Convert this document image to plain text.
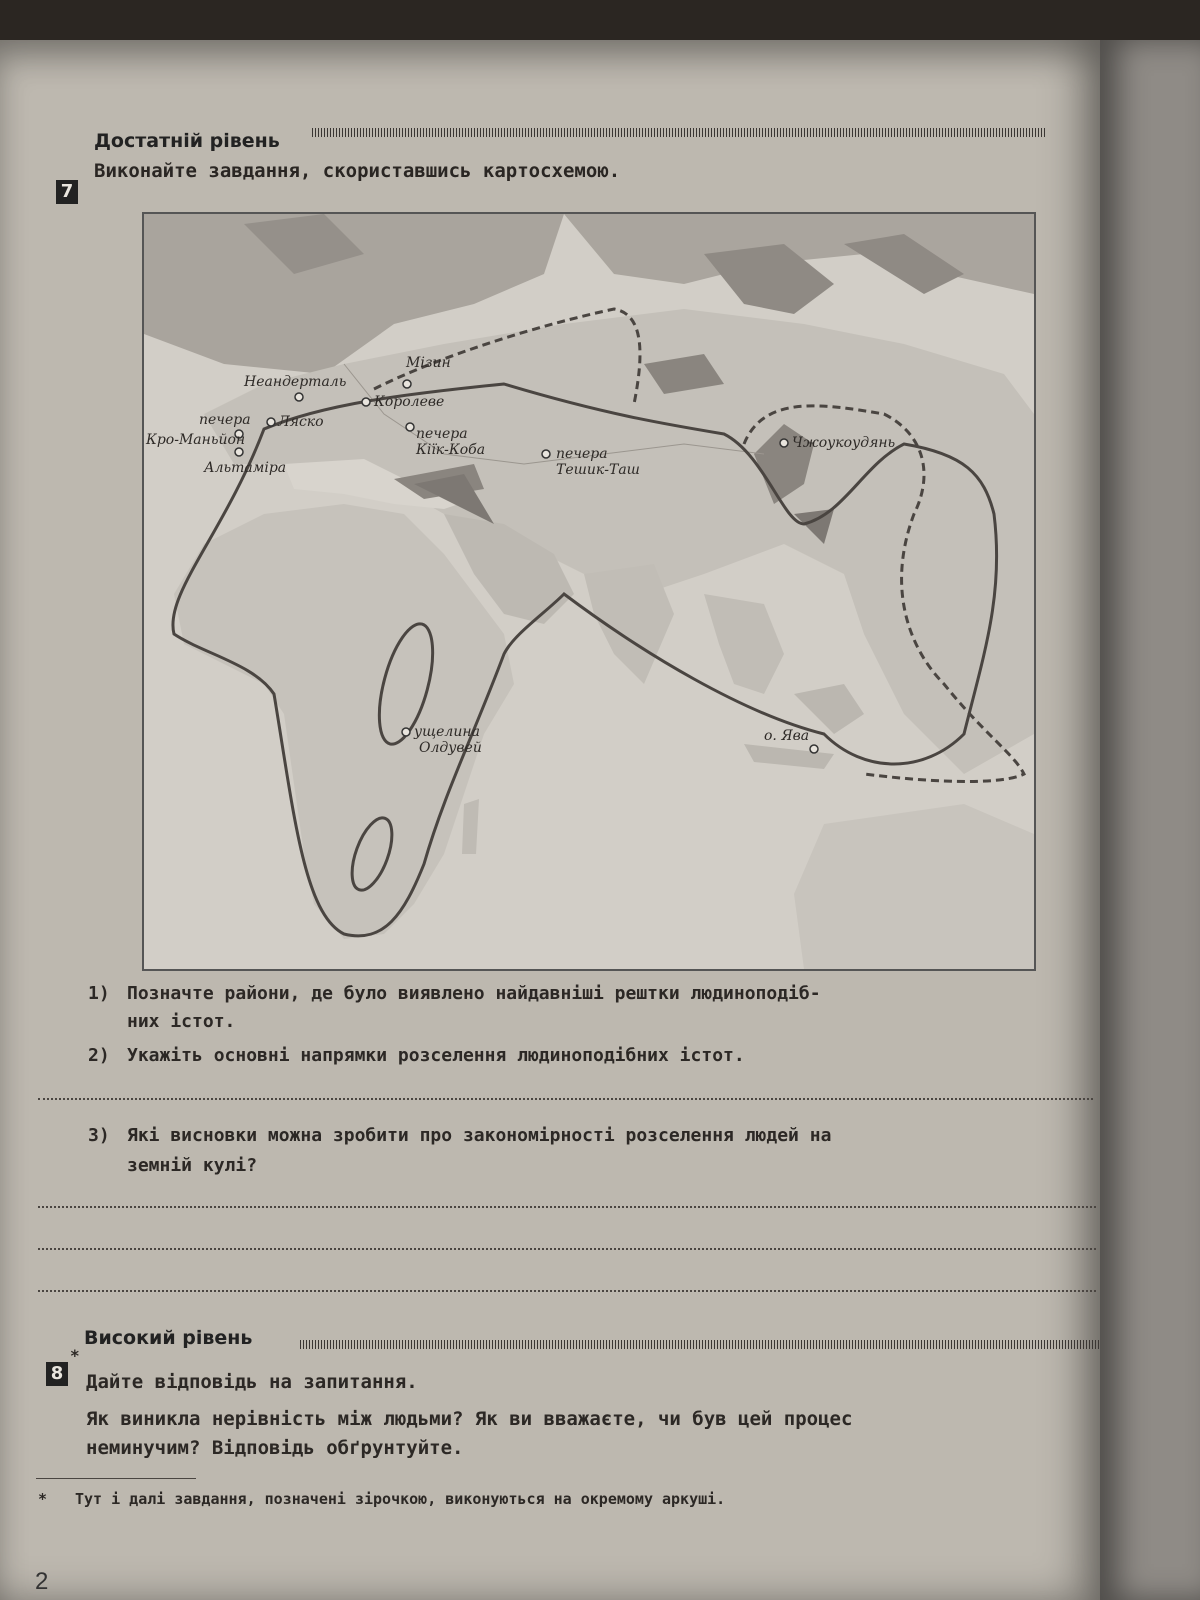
Достатній рівень
7
Виконайте завдання, скориставшись картосхемою.
Мізин
Неандерталь
Королеве
печера
Кро-Маньйон
Ляско
Альтаміра
печера
Кіїк-Коба	печера
Тешик-Таш
Чжоукоудянь
ущелина
Олдувей
о. Ява
1) Позначте райони, де було виявлено найдавніші рештки людиноподіб-
них істот.
2) Укажіть основні напрямки розселення людиноподібних істот.
3) Які висновки можна зробити про закономірності розселення людей на
земній кулі?
Високий рівень
8
*
Дайте відповідь на запитання.
Як виникла нерівність між людьми? Як ви вважаєте, чи був цей процес
неминучим? Відповідь обґрунтуйте.
* Тут і далі завдання, позначені зірочкою, виконуються на окремому аркуші.
2
